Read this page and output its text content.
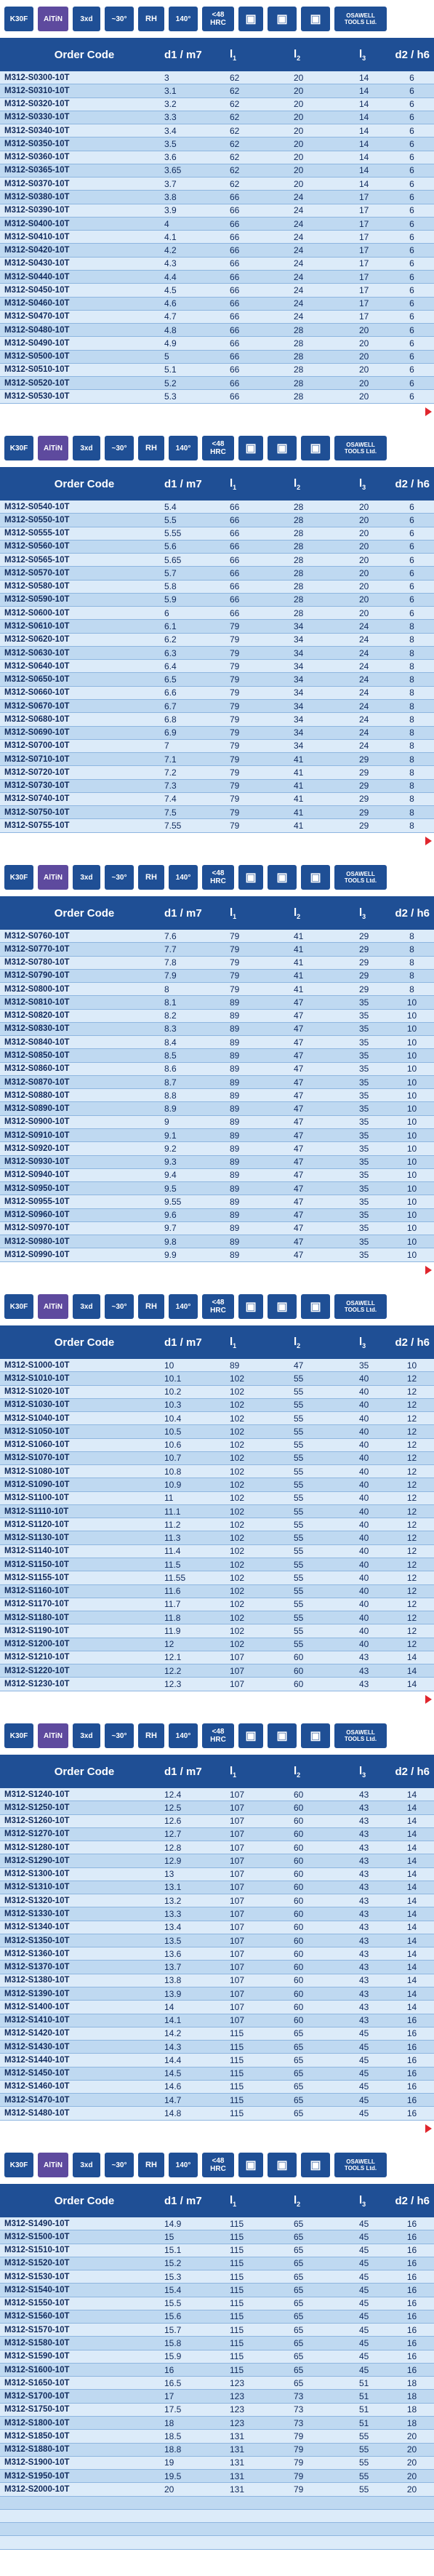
K30F	AlTiN	3xd	~30°	RH	140°	<48 HRC	▣	▣	▣	OSAWELL TOOLS Ltd.
Order Code	d1 / m7	$l_1$	$l_2$	$l_3$	d2 / h6
M312-S0300-10T	3	62	20	14	6
M312-S0310-10T	3.1	62	20	14	6
M312-S0320-10T	3.2	62	20	14	6
M312-S0330-10T	3.3	62	20	14	6
M312-S0340-10T	3.4	62	20	14	6
M312-S0350-10T	3.5	62	20	14	6
M312-S0360-10T	3.6	62	20	14	6
M312-S0365-10T	3.65	62	20	14	6
M312-S0370-10T	3.7	62	20	14	6
M312-S0380-10T	3.8	66	24	17	6
M312-S0390-10T	3.9	66	24	17	6
M312-S0400-10T	4	66	24	17	6
M312-S0410-10T	4.1	66	24	17	6
M312-S0420-10T	4.2	66	24	17	6
M312-S0430-10T	4.3	66	24	17	6
M312-S0440-10T	4.4	66	24	17	6
M312-S0450-10T	4.5	66	24	17	6
M312-S0460-10T	4.6	66	24	17	6
M312-S0470-10T	4.7	66	24	17	6
M312-S0480-10T	4.8	66	28	20	6
M312-S0490-10T	4.9	66	28	20	6
M312-S0500-10T	5	66	28	20	6
M312-S0510-10T	5.1	66	28	20	6
M312-S0520-10T	5.2	66	28	20	6
M312-S0530-10T	5.3	66	28	20	6
K30F	AlTiN	3xd	~30°	RH	140°	<48 HRC	▣	▣	▣	OSAWELL TOOLS Ltd.
Order Code	d1 / m7	$l_1$	$l_2$	$l_3$	d2 / h6
M312-S0540-10T	5.4	66	28	20	6
M312-S0550-10T	5.5	66	28	20	6
M312-S0555-10T	5.55	66	28	20	6
M312-S0560-10T	5.6	66	28	20	6
M312-S0565-10T	5.65	66	28	20	6
M312-S0570-10T	5.7	66	28	20	6
M312-S0580-10T	5.8	66	28	20	6
M312-S0590-10T	5.9	66	28	20	6
M312-S0600-10T	6	66	28	20	6
M312-S0610-10T	6.1	79	34	24	8
M312-S0620-10T	6.2	79	34	24	8
M312-S0630-10T	6.3	79	34	24	8
M312-S0640-10T	6.4	79	34	24	8
M312-S0650-10T	6.5	79	34	24	8
M312-S0660-10T	6.6	79	34	24	8
M312-S0670-10T	6.7	79	34	24	8
M312-S0680-10T	6.8	79	34	24	8
M312-S0690-10T	6.9	79	34	24	8
M312-S0700-10T	7	79	34	24	8
M312-S0710-10T	7.1	79	41	29	8
M312-S0720-10T	7.2	79	41	29	8
M312-S0730-10T	7.3	79	41	29	8
M312-S0740-10T	7.4	79	41	29	8
M312-S0750-10T	7.5	79	41	29	8
M312-S0755-10T	7.55	79	41	29	8
K30F	AlTiN	3xd	~30°	RH	140°	<48 HRC	▣	▣	▣	OSAWELL TOOLS Ltd.
Order Code	d1 / m7	$l_1$	$l_2$	$l_3$	d2 / h6
M312-S0760-10T	7.6	79	41	29	8
M312-S0770-10T	7.7	79	41	29	8
M312-S0780-10T	7.8	79	41	29	8
M312-S0790-10T	7.9	79	41	29	8
M312-S0800-10T	8	79	41	29	8
M312-S0810-10T	8.1	89	47	35	10
M312-S0820-10T	8.2	89	47	35	10
M312-S0830-10T	8.3	89	47	35	10
M312-S0840-10T	8.4	89	47	35	10
M312-S0850-10T	8.5	89	47	35	10
M312-S0860-10T	8.6	89	47	35	10
M312-S0870-10T	8.7	89	47	35	10
M312-S0880-10T	8.8	89	47	35	10
M312-S0890-10T	8.9	89	47	35	10
M312-S0900-10T	9	89	47	35	10
M312-S0910-10T	9.1	89	47	35	10
M312-S0920-10T	9.2	89	47	35	10
M312-S0930-10T	9.3	89	47	35	10
M312-S0940-10T	9.4	89	47	35	10
M312-S0950-10T	9.5	89	47	35	10
M312-S0955-10T	9.55	89	47	35	10
M312-S0960-10T	9.6	89	47	35	10
M312-S0970-10T	9.7	89	47	35	10
M312-S0980-10T	9.8	89	47	35	10
M312-S0990-10T	9.9	89	47	35	10
K30F	AlTiN	3xd	~30°	RH	140°	<48 HRC	▣	▣	▣	OSAWELL TOOLS Ltd.
Order Code	d1 / m7	$l_1$	$l_2$	$l_3$	d2 / h6
M312-S1000-10T	10	89	47	35	10
M312-S1010-10T	10.1	102	55	40	12
M312-S1020-10T	10.2	102	55	40	12
M312-S1030-10T	10.3	102	55	40	12
M312-S1040-10T	10.4	102	55	40	12
M312-S1050-10T	10.5	102	55	40	12
M312-S1060-10T	10.6	102	55	40	12
M312-S1070-10T	10.7	102	55	40	12
M312-S1080-10T	10.8	102	55	40	12
M312-S1090-10T	10.9	102	55	40	12
M312-S1100-10T	11	102	55	40	12
M312-S1110-10T	11.1	102	55	40	12
M312-S1120-10T	11.2	102	55	40	12
M312-S1130-10T	11.3	102	55	40	12
M312-S1140-10T	11.4	102	55	40	12
M312-S1150-10T	11.5	102	55	40	12
M312-S1155-10T	11.55	102	55	40	12
M312-S1160-10T	11.6	102	55	40	12
M312-S1170-10T	11.7	102	55	40	12
M312-S1180-10T	11.8	102	55	40	12
M312-S1190-10T	11.9	102	55	40	12
M312-S1200-10T	12	102	55	40	12
M312-S1210-10T	12.1	107	60	43	14
M312-S1220-10T	12.2	107	60	43	14
M312-S1230-10T	12.3	107	60	43	14
K30F	AlTiN	3xd	~30°	RH	140°	<48 HRC	▣	▣	▣	OSAWELL TOOLS Ltd.
Order Code	d1 / m7	$l_1$	$l_2$	$l_3$	d2 / h6
M312-S1240-10T	12.4	107	60	43	14
M312-S1250-10T	12.5	107	60	43	14
M312-S1260-10T	12.6	107	60	43	14
M312-S1270-10T	12.7	107	60	43	14
M312-S1280-10T	12.8	107	60	43	14
M312-S1290-10T	12.9	107	60	43	14
M312-S1300-10T	13	107	60	43	14
M312-S1310-10T	13.1	107	60	43	14
M312-S1320-10T	13.2	107	60	43	14
M312-S1330-10T	13.3	107	60	43	14
M312-S1340-10T	13.4	107	60	43	14
M312-S1350-10T	13.5	107	60	43	14
M312-S1360-10T	13.6	107	60	43	14
M312-S1370-10T	13.7	107	60	43	14
M312-S1380-10T	13.8	107	60	43	14
M312-S1390-10T	13.9	107	60	43	14
M312-S1400-10T	14	107	60	43	14
M312-S1410-10T	14.1	107	60	43	16
M312-S1420-10T	14.2	115	65	45	16
M312-S1430-10T	14.3	115	65	45	16
M312-S1440-10T	14.4	115	65	45	16
M312-S1450-10T	14.5	115	65	45	16
M312-S1460-10T	14.6	115	65	45	16
M312-S1470-10T	14.7	115	65	45	16
M312-S1480-10T	14.8	115	65	45	16
K30F	AlTiN	3xd	~30°	RH	140°	<48 HRC	▣	▣	▣	OSAWELL TOOLS Ltd.
Order Code	d1 / m7	$l_1$	$l_2$	$l_3$	d2 / h6
M312-S1490-10T	14.9	115	65	45	16
M312-S1500-10T	15	115	65	45	16
M312-S1510-10T	15.1	115	65	45	16
M312-S1520-10T	15.2	115	65	45	16
M312-S1530-10T	15.3	115	65	45	16
M312-S1540-10T	15.4	115	65	45	16
M312-S1550-10T	15.5	115	65	45	16
M312-S1560-10T	15.6	115	65	45	16
M312-S1570-10T	15.7	115	65	45	16
M312-S1580-10T	15.8	115	65	45	16
M312-S1590-10T	15.9	115	65	45	16
M312-S1600-10T	16	115	65	45	16
M312-S1650-10T	16.5	123	65	51	18
M312-S1700-10T	17	123	73	51	18
M312-S1750-10T	17.5	123	73	51	18
M312-S1800-10T	18	123	73	51	18
M312-S1850-10T	18.5	131	79	55	20
M312-S1880-10T	18.8	131	79	55	20
M312-S1900-10T	19	131	79	55	20
M312-S1950-10T	19.5	131	79	55	20
M312-S2000-10T	20	131	79	55	20
